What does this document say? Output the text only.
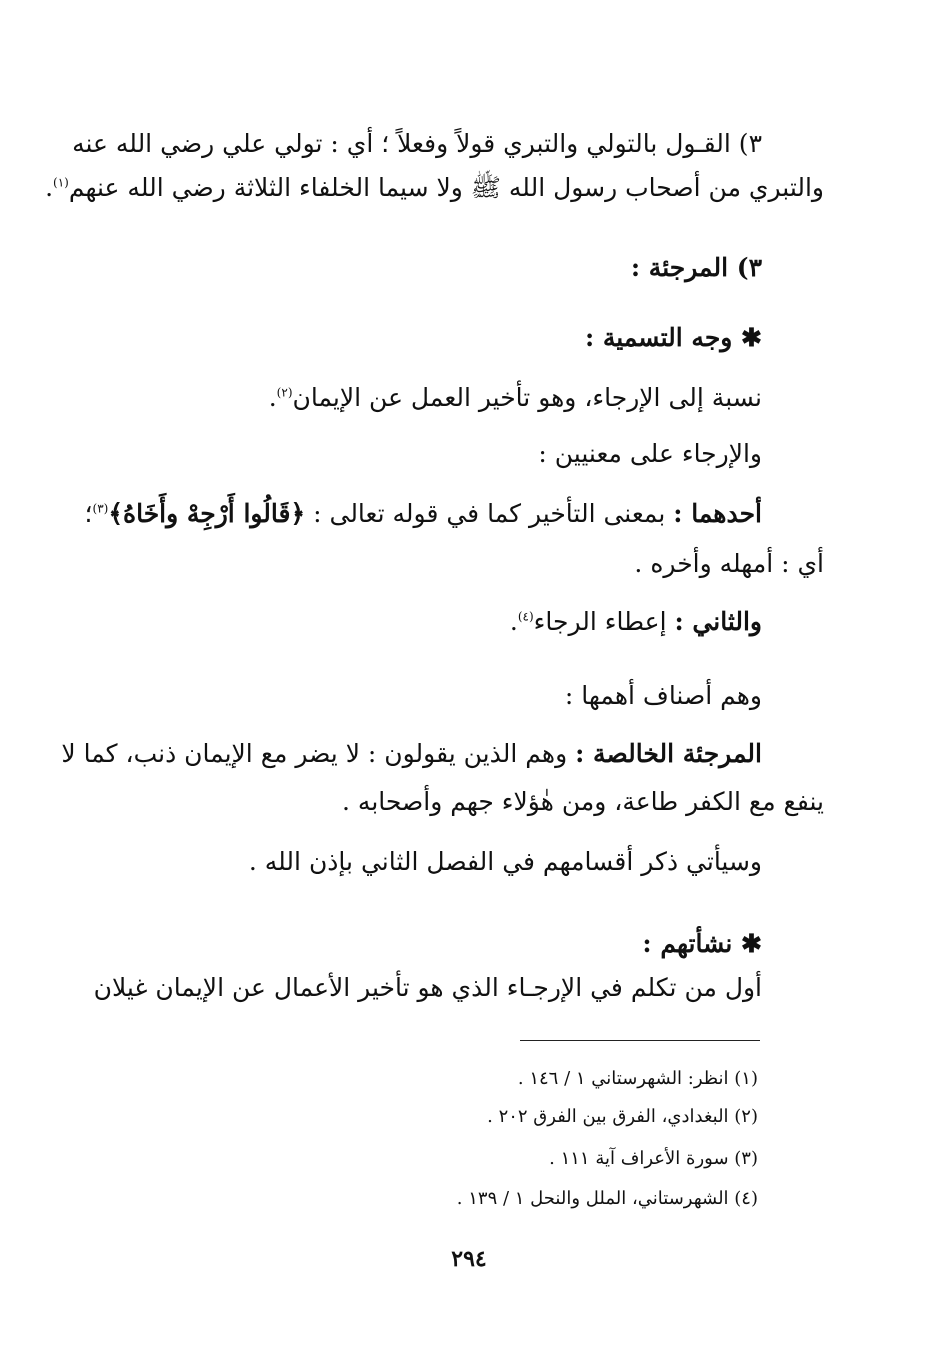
٣) القـول بالتولي والتبري قولاً وفعلاً ؛ أي : تولي علي رضي الله عنه
والتبري من أصحاب رسول الله ﷺ ولا سيما الخلفاء الثلاثة رضي الله عنهم$^{(١)}$.
٣) المرجئة :
✱ وجه التسمية :
نسبة إلى الإرجاء، وهو تأخير العمل عن الإيمان$^{(٢)}$.
والإرجاء على معنيين :
أحدهما : بمعنى التأخير كما في قوله تعالى : ﴿قَالُوا أَرْجِهْ وأَخَاهُ﴾$^{(٣)}$؛
أي : أمهله وأخره .
والثاني : إعطاء الرجاء$^{(٤)}$.
وهم أصناف أهمها :
المرجئة الخالصة : وهم الذين يقولون : لا يضر مع الإيمان ذنب، كما لا
ينفع مع الكفر طاعة، ومن هٰؤلاء جهم وأصحابه .
وسيأتي ذكر أقسامهم في الفصل الثاني بإذن الله .
✱ نشأتهم :
أول من تكلم في الإرجـاء الذي هو تأخير الأعمال عن الإيمان غيلان
(١) انظر: الشهرستاني ١ / ١٤٦ .
(٢) البغدادي، الفرق بين الفرق ٢٠٢ .
(٣) سورة الأعراف آية ١١١ .
(٤) الشهرستاني، الملل والنحل ١ / ١٣٩ .
٢٩٤
